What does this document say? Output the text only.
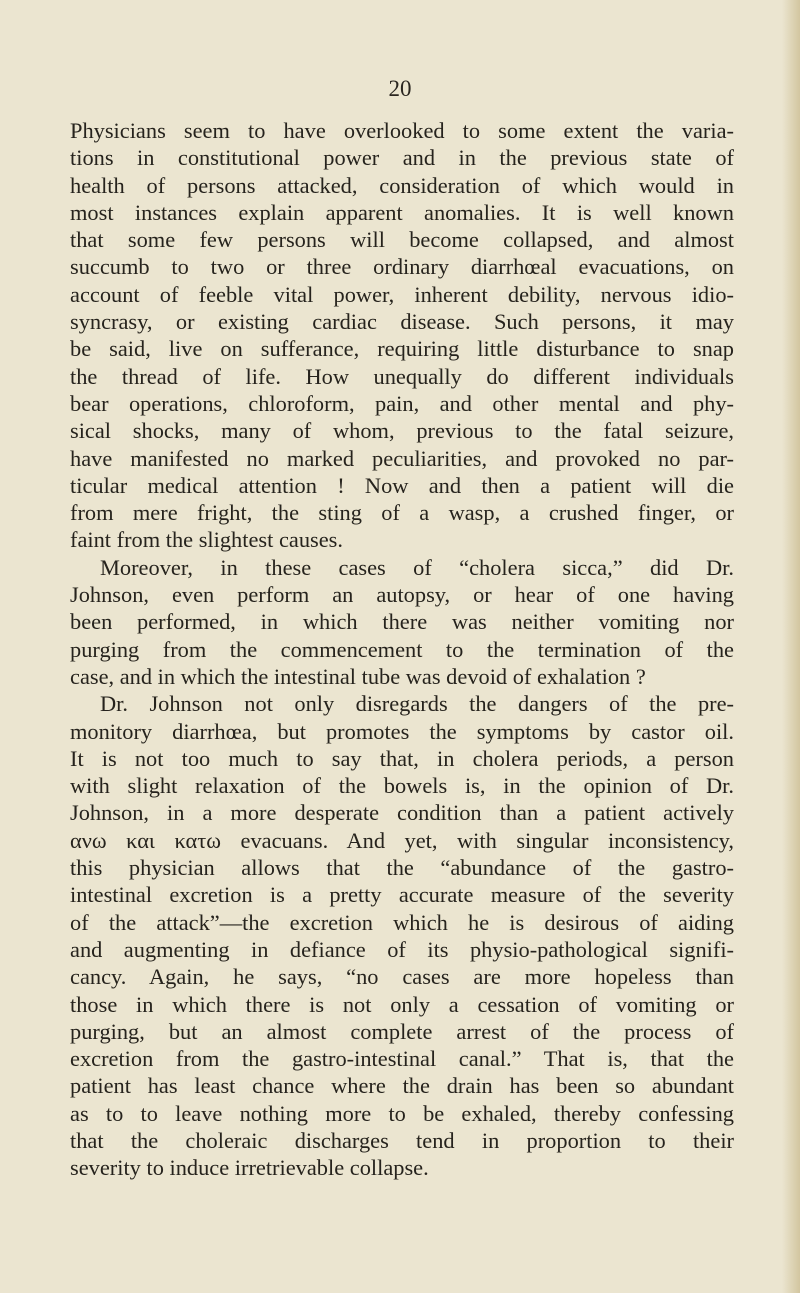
20

Physicians seem to have overlooked to some extent the varia-
tions in constitutional power and in the previous state of
health of persons attacked, consideration of which would in
most instances explain apparent anomalies. It is well known
that some few persons will become collapsed, and almost
succumb to two or three ordinary diarrhœal evacuations, on
account of feeble vital power, inherent debility, nervous idio-
syncrasy, or existing cardiac disease. Such persons, it may
be said, live on sufferance, requiring little disturbance to snap
the thread of life. How unequally do different individuals
bear operations, chloroform, pain, and other mental and phy-
sical shocks, many of whom, previous to the fatal seizure,
have manifested no marked peculiarities, and provoked no par-
ticular medical attention ! Now and then a patient will die
from mere fright, the sting of a wasp, a crushed finger, or
faint from the slightest causes.
Moreover, in these cases of “cholera sicca,” did Dr.
Johnson, even perform an autopsy, or hear of one having
been performed, in which there was neither vomiting nor
purging from the commencement to the termination of the
case, and in which the intestinal tube was devoid of exhalation ?
Dr. Johnson not only disregards the dangers of the pre-
monitory diarrhœa, but promotes the symptoms by castor oil.
It is not too much to say that, in cholera periods, a person
with slight relaxation of the bowels is, in the opinion of Dr.
Johnson, in a more desperate condition than a patient actively
ανω και κατω evacuans. And yet, with singular inconsistency,
this physician allows that the “abundance of the gastro-
intestinal excretion is a pretty accurate measure of the severity
of the attack”—the excretion which he is desirous of aiding
and augmenting in defiance of its physio-pathological signifi-
cancy. Again, he says, “no cases are more hopeless than
those in which there is not only a cessation of vomiting or
purging, but an almost complete arrest of the process of
excretion from the gastro-intestinal canal.” That is, that the
patient has least chance where the drain has been so abundant
as to to leave nothing more to be exhaled, thereby confessing
that the choleraic discharges tend in proportion to their
severity to induce irretrievable collapse.
